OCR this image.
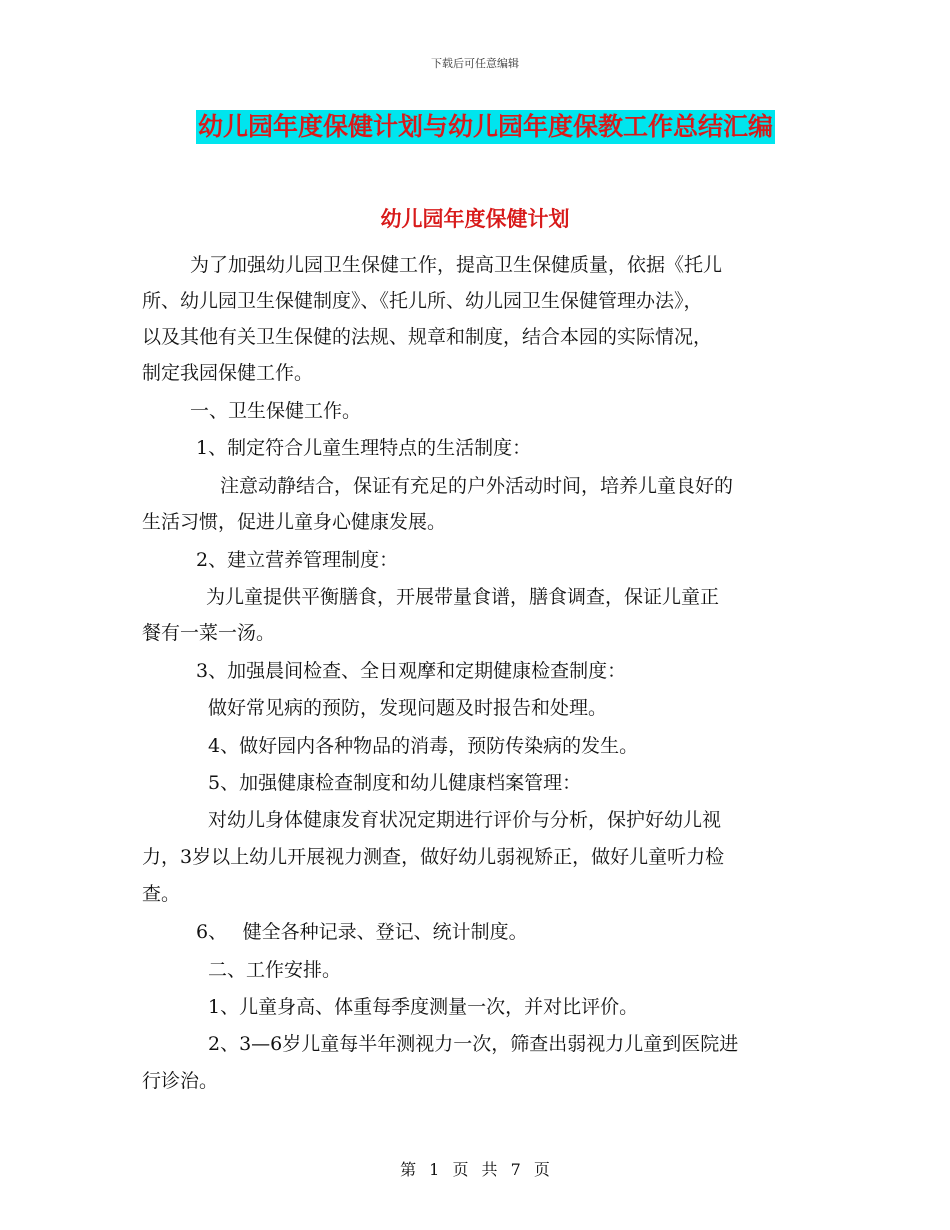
下载后可任意编辑
幼儿园年度保健计划与幼儿园年度保教工作总结汇编
幼儿园年度保健计划
为了加强幼儿园卫生保健工作，提高卫生保健质量，依据《托儿
所、幼儿园卫生保健制度》、《托儿所、幼儿园卫生保健管理办法》，
以及其他有关卫生保健的法规、规章和制度，结合本园的实际情况，
制定我园保健工作。
一、卫生保健工作。
1、制定符合儿童生理特点的生活制度：
注意动静结合，保证有充足的户外活动时间，培养儿童良好的
生活习惯，促进儿童身心健康发展。
2、建立营养管理制度：
为儿童提供平衡膳食，开展带量食谱，膳食调查，保证儿童正
餐有一菜一汤。
3、加强晨间检查、全日观摩和定期健康检查制度：
做好常见病的预防，发现问题及时报告和处理。
4、做好园内各种物品的消毒，预防传染病的发生。
5、加强健康检查制度和幼儿健康档案管理：
对幼儿身体健康发育状况定期进行评价与分析，保护好幼儿视
力，3岁以上幼儿开展视力测查，做好幼儿弱视矫正，做好儿童听力检
查。
6、　 健全各种记录、登记、统计制度。
二、工作安排。
1、儿童身高、体重每季度测量一次，并对比评价。
2、3—6岁儿童每半年测视力一次，筛查出弱视力儿童到医院进
行诊治。
第 1 页 共 7 页
